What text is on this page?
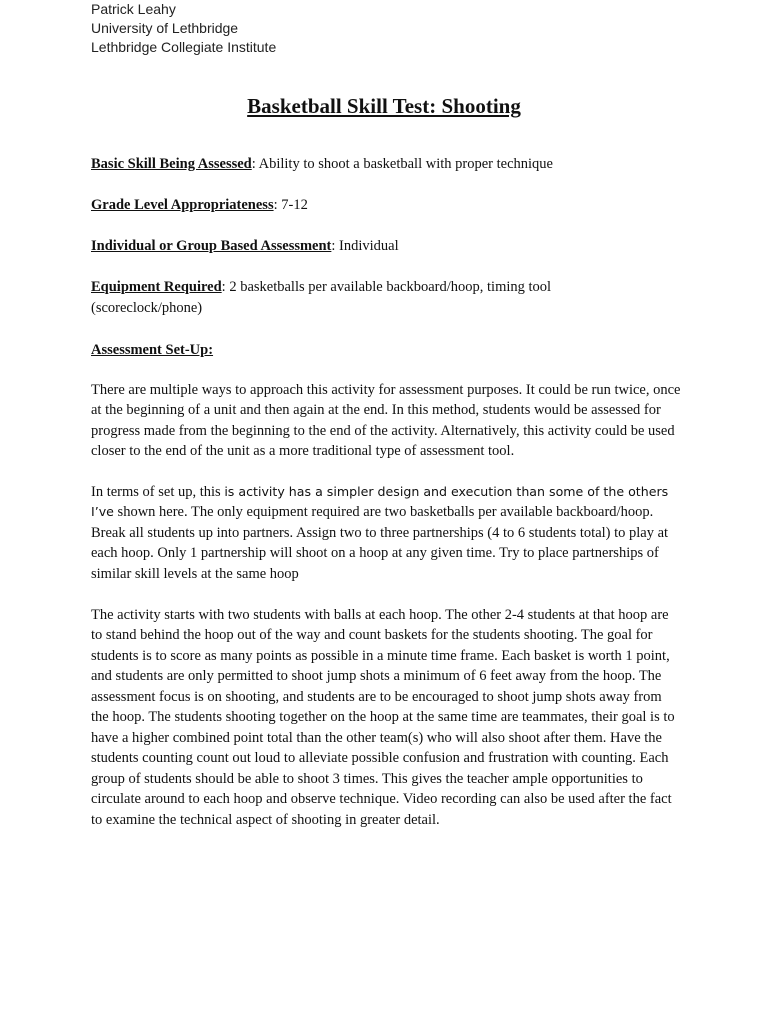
Patrick Leahy
University of Lethbridge
Lethbridge Collegiate Institute
Basketball Skill Test: Shooting
Basic Skill Being Assessed: Ability to shoot a basketball with proper technique
Grade Level Appropriateness: 7-12
Individual or Group Based Assessment: Individual
Equipment Required: 2 basketballs per available backboard/hoop, timing tool (scoreclock/phone)
Assessment Set-Up:
There are multiple ways to approach this activity for assessment purposes. It could be run twice, once at the beginning of a unit and then again at the end. In this method, students would be assessed for progress made from the beginning to the end of the activity. Alternatively, this activity could be used closer to the end of the unit as a more traditional type of assessment tool.
In terms of set up, this is activity has a simpler design and execution than some of the others I’ve shown here. The only equipment required are two basketballs per available backboard/hoop. Break all students up into partners. Assign two to three partnerships (4 to 6 students total) to play at each hoop. Only 1 partnership will shoot on a hoop at any given time. Try to place partnerships of similar skill levels at the same hoop
The activity starts with two students with balls at each hoop. The other 2-4 students at that hoop are to stand behind the hoop out of the way and count baskets for the students shooting. The goal for students is to score as many points as possible in a minute time frame. Each basket is worth 1 point, and students are only permitted to shoot jump shots a minimum of 6 feet away from the hoop. The assessment focus is on shooting, and students are to be encouraged to shoot jump shots away from the hoop. The students shooting together on the hoop at the same time are teammates, their goal is to have a higher combined point total than the other team(s) who will also shoot after them. Have the students counting count out loud to alleviate possible confusion and frustration with counting. Each group of students should be able to shoot 3 times. This gives the teacher ample opportunities to circulate around to each hoop and observe technique. Video recording can also be used after the fact to examine the technical aspect of shooting in greater detail.
